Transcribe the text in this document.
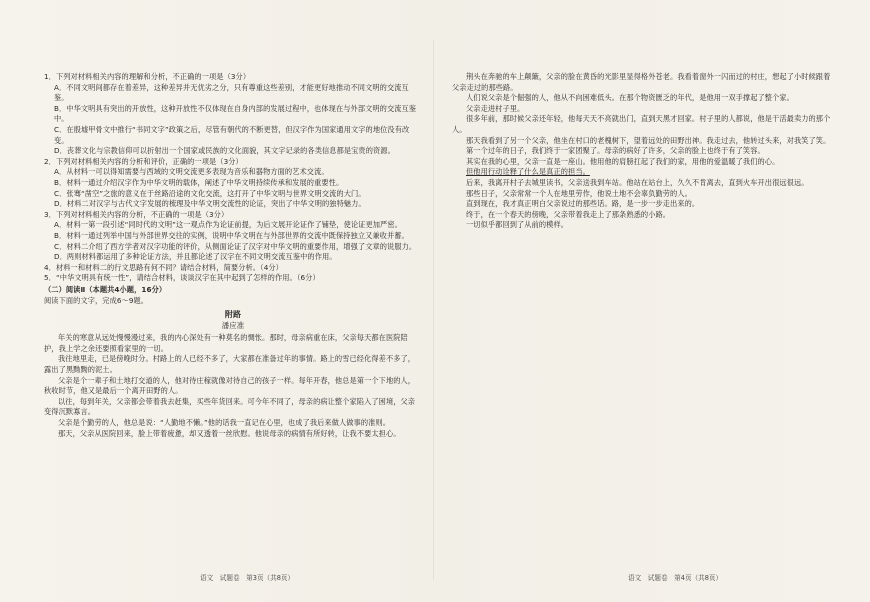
1．下列对材料相关内容的理解和分析，不正确的一项是（3分）

A．不同文明间都存在着差异，这种差异并无优劣之分，只有尊重这些差别，才能更好地推动不同文明的交流互鉴。

B．中华文明具有突出的开放性，这种开放性不仅体现在自身内部的发展过程中，也体现在与外部文明的交流互鉴中。

C．在殷墟甲骨文中推行“书同文字”政策之后，尽管有朝代的不断更替，但汉字作为国家通用文字的地位没有改变。

D．丧葬文化与宗教信仰可以折射出一个国家或民族的文化面貌，其文字记录的各类信息都是宝贵的资源。

2．下列对材料相关内容的分析和评价，正确的一项是（3分）

A．从材料一可以得知需要与西域的文明交流更多表现为音乐和器物方面的艺术交流。

B．材料一通过介绍汉字作为中华文明的载体，阐述了中华文明持续传承和发展的重要性。

C．张骞“凿空”之旅的意义在于丝路沿途的文化交流，这打开了中华文明与世界文明交流的大门。

D．材料二对汉字与古代文字发展的梳理及中华文明交流性的论证，突出了中华文明的独特魅力。

3．下列对材料相关内容的分析，不正确的一项是（3分）

A．材料一第一段引述“同时代的文明”这一观点作为论证前提，为后文展开论证作了铺垫，使论证更加严密。

B．材料一通过列举中国与外部世界交往的实例，说明中华文明在与外部世界的交流中既保持独立又兼收并蓄。

C．材料二介绍了西方学者对汉字功能的评价，从侧面论证了汉字对中华文明的重要作用，增强了文章的说服力。

D．两则材料都运用了多种论证方法，并且都论述了汉字在不同文明交流互鉴中的作用。

4．材料一和材料二的行文思路有何不同？请结合材料，简要分析。（4分）

5．“中华文明具有统一性”，请结合材料，谈谈汉字在其中起到了怎样的作用。（6分）

（二）阅读Ⅱ（本题共4小题，16分）

阅读下面的文字，完成6～9题。

附路

潘应准

年关的寒意从远处慢慢漫过来，我的内心深处有一种莫名的惆怅。那时，母亲病重在床，父亲每天都在医院陪护，我上学之余还要照看家里的一切。

我往地里走，已是傍晚时分。村路上的人已经不多了，大家都在准备过年的事情。路上的雪已经化得差不多了，露出了黑黝黝的泥土。

父亲是个一辈子和土地打交道的人，他对待庄稼就像对待自己的孩子一样。每年开春，他总是第一个下地的人，秋收时节，他又是最后一个离开田野的人。

以往，每到年关，父亲都会带着我去赶集，买些年货回来。可今年不同了，母亲的病让整个家陷入了困境，父亲变得沉默寡言。

父亲是个勤劳的人，他总是说：“人勤地不懒。”他的话我一直记在心里，也成了我后来做人做事的准则。

那天，父亲从医院回来，脸上带着疲惫，却又透着一丝欣慰。他说母亲的病情有所好转，让我不要太担心。

荆头在奔驰的车上颠簸，父亲的脸在黄昏的光影里显得格外苍老。我看着窗外一闪而过的村庄，想起了小时候跟着父亲走过的那些路。

人们说父亲是个倔强的人，他从不向困难低头。在那个物资匮乏的年代，是他用一双手撑起了整个家。

父亲走进村子里。

很多年前，那时候父亲还年轻，他每天天不亮就出门，直到天黑才回家。村子里的人都说，他是干活最卖力的那个人。

那天我看到了另一个父亲，他坐在村口的老槐树下，望着远处的田野出神。我走过去，他转过头来，对我笑了笑。

第一个过年的日子，我们终于一家团聚了。母亲的病好了许多，父亲的脸上也终于有了笑容。

其实在我的心里，父亲一直是一座山。他用他的肩膀扛起了我们的家，用他的爱温暖了我们的心。

但他用行动诠释了什么是真正的担当。

后来，我离开村子去城里读书，父亲送我到车站。他站在站台上，久久不肯离去，直到火车开出很远很远。

那些日子，父亲常常一个人在地里劳作，他说土地不会辜负勤劳的人。

直到现在，我才真正明白父亲说过的那些话。路，是一步一步走出来的。

终于，在一个春天的傍晚，父亲带着我走上了那条熟悉的小路。

一切似乎都回到了从前的模样。

语文　试题卷　第3页（共8页）	语文　试题卷　第4页（共8页）
